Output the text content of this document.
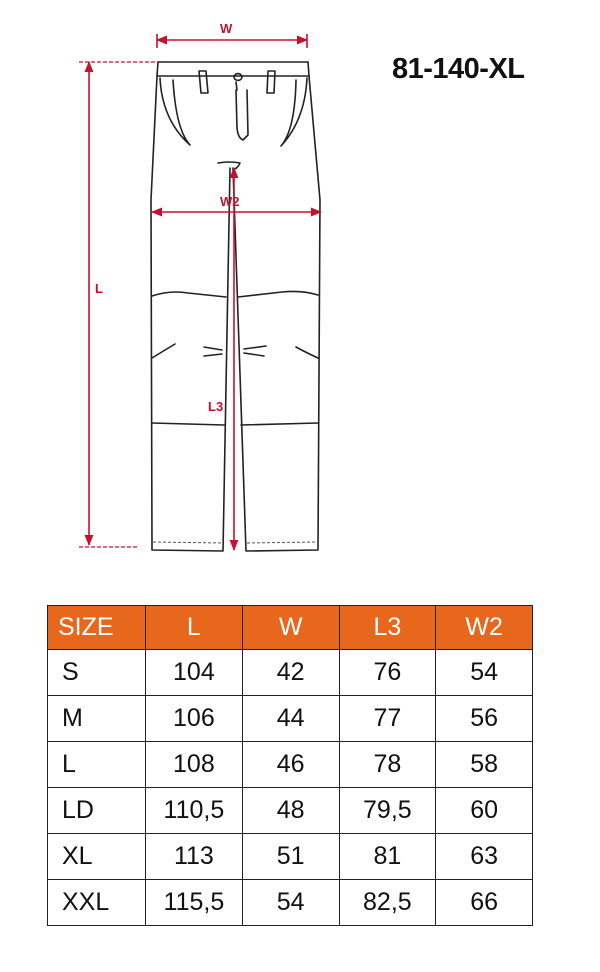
W
W2
L
L3
81-140-XL
SIZE	L	W	L3	W2
S	104	42	76	54
M	106	44	77	56
L	108	46	78	58
LD	110,5	48	79,5	60
XL	113	51	81	63
XXL	115,5	54	82,5	66
